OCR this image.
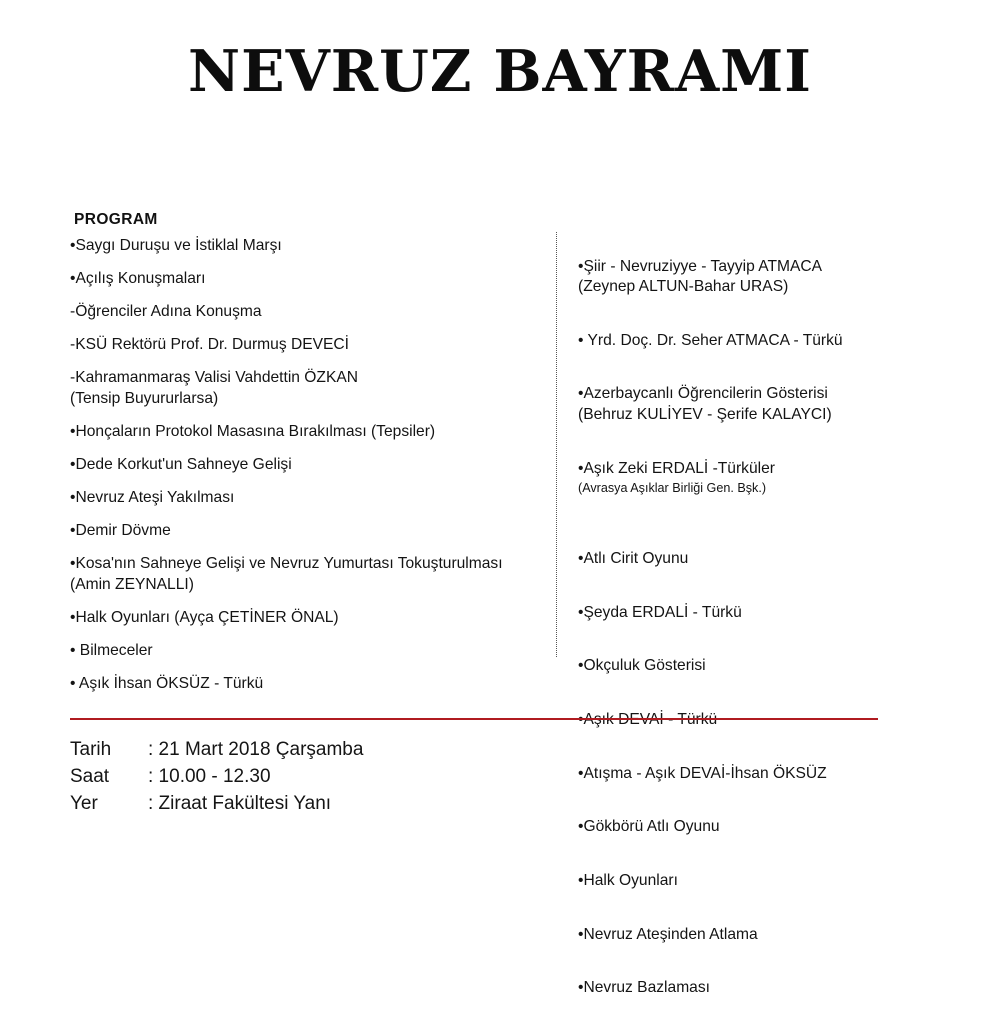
NEVRUZ BAYRAMI
PROGRAM
•Saygı Duruşu ve İstiklal Marşı
•Açılış Konuşmaları
-Öğrenciler Adına Konuşma
-KSÜ Rektörü Prof. Dr. Durmuş DEVECİ
-Kahramanmaraş Valisi Vahdettin ÖZKAN
(Tensip Buyururlarsa)
•Honçaların Protokol Masasına Bırakılması (Tepsiler)
•Dede Korkut'un Sahneye Gelişi
•Nevruz Ateşi Yakılması
•Demir Dövme
•Kosa'nın Sahneye Gelişi ve Nevruz Yumurtası Tokuşturulması
(Amin ZEYNALLI)
•Halk Oyunları (Ayça ÇETİNER ÖNAL)
• Bilmeceler
• Aşık İhsan ÖKSÜZ - Türkü

•Şiir - Nevruziyye - Tayyip ATMACA
(Zeynep ALTUN-Bahar URAS)

• Yrd. Doç. Dr. Seher ATMACA - Türkü

•Azerbaycanlı Öğrencilerin Gösterisi
(Behruz KULİYEV - Şerife KALAYCI)

•Aşık Zeki ERDALİ -Türküler

(Avrasya Aşıklar Birliği Gen. Bşk.)

•Atlı Cirit Oyunu

•Şeyda ERDALİ - Türkü

•Okçuluk Gösterisi

•Atışma - Aşık DEVAİ-İhsan ÖKSÜZ

•Gökbörü Atlı Oyunu

•Halk Oyunları

•Nevruz Ateşinden Atlama

•Nevruz Bazlaması

Tarih	: 21 Mart 2018 Çarşamba
Saat	: 10.00 - 12.30
Yer	: Ziraat Fakültesi Yanı
